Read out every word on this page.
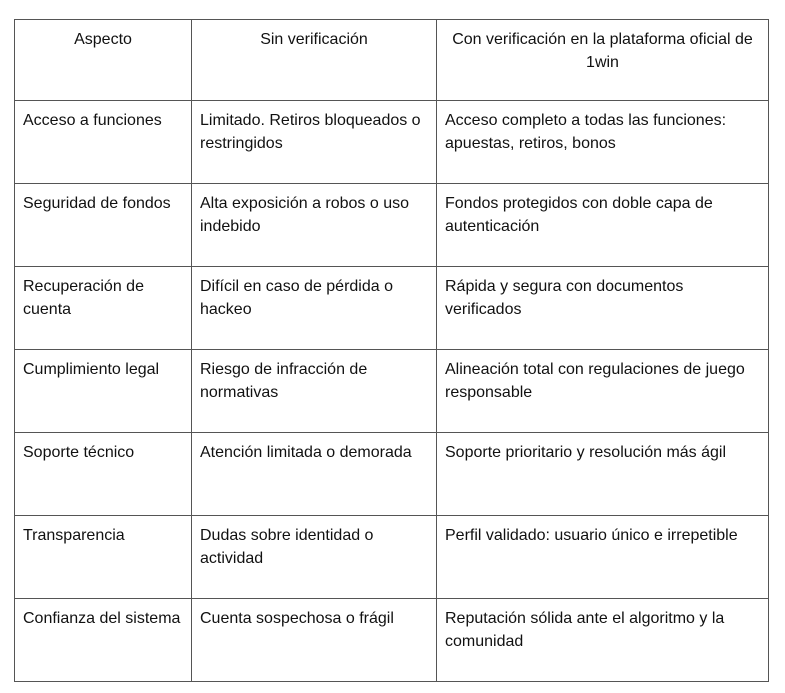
Aspecto	Sin verificación	Con verificación en la plataforma oficial de 1win
Acceso a funciones	Limitado. Retiros bloqueados o restringidos	Acceso completo a todas las funciones: apuestas, retiros, bonos
Seguridad de fondos	Alta exposición a robos o uso indebido	Fondos protegidos con doble capa de autenticación
Recuperación de cuenta	Difícil en caso de pérdida o hackeo	Rápida y segura con documentos verificados
Cumplimiento legal	Riesgo de infracción de normativas	Alineación total con regulaciones de juego responsable
Soporte técnico	Atención limitada o demorada	Soporte prioritario y resolución más ágil
Transparencia	Dudas sobre identidad o actividad	Perfil validado: usuario único e irrepetible
Confianza del sistema	Cuenta sospechosa o frágil	Reputación sólida ante el algoritmo y la comunidad
